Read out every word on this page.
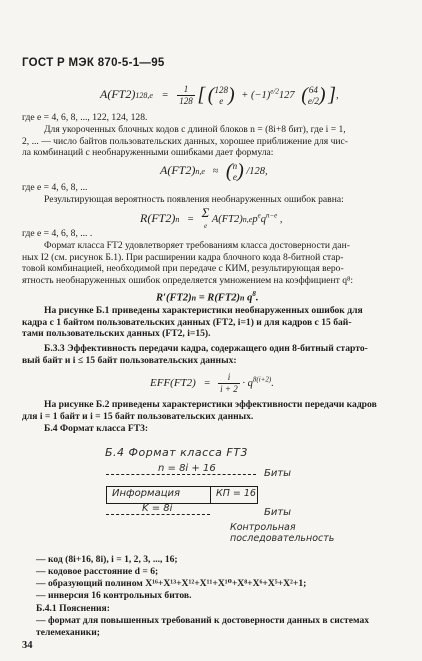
ГОСТ Р МЭК 870-5-1—95
A(FT2)128,e = 1
128 [ (128
e ) + $(-1)^{e/2}127$ (64
e/2) ],
где e = 4, 6, 8, ..., 122, 124, 128.
Для укороченных блочных кодов с длиной блоков n = (8i+8 бит), где i = 1,
2, ... — число байтов пользовательских данных, хорошее приближение для чис-
ла комбинаций с необнаруженными ошибками дает формула:
A(FT2)n,e ≈ (n
e) /128,
где e = 4, 6, 8, ...
Результирующая вероятность появления необнаруженных ошибок равна:
R(FT2)n = Σ
e $A(FT2)n,ep^eq^{n-e}$ ,
где e = 4, 6, 8, ... .
Формат класса FT2 удовлетворяет требованиям класса достоверности дан-
ных I2 (см. рисунок Б.1). При расширении кадра блочного кода 8-битной стар-
товой комбинацией, необходимой при передаче с КИМ, результирующая веро-
ятность необнаруженных ошибок определяется умножением на коэффициент q⁸:
R′(FT2)n = R(FT2)n $q^8$.
На рисунке Б.1 приведены характеристики необнаруженных ошибок для
кадра с 1 байтом пользовательских данных (FT2, i=1) и для кадров с 15 бай-
тами пользовательских данных (FT2, i=15).
Б.3.3 Эффективность передачи кадра, содержащего один 8-битный старто-
вый байт и i ≤ 15 байт пользовательских данных:
EFF(FT2) = i
$i + 2 \cdot q^{8(i+2)}$.
На рисунке Б.2 приведены характеристики эффективности передачи кадров
для i = 1 байт и i = 15 байт пользовательских данных.
Б.4 Формат класса FT3:
Б.4 Формат класса FT3
n = 8i + 16	Биты
Информация	КП = 16
K = 8i	Биты
Контрольная
последовательность
— код (8i+16, 8i), i = 1, 2, 3, ..., 16;
— кодовое расстояние d = 6;
— образующий полином X¹⁶+X¹³+X¹²+X¹¹+X¹⁰+X⁸+X⁶+X⁵+X²+1;
— инверсия 16 контрольных битов.
Б.4.1 Пояснения:
— формат для повышенных требований к достоверности данных в системах
телемеханики;
34
